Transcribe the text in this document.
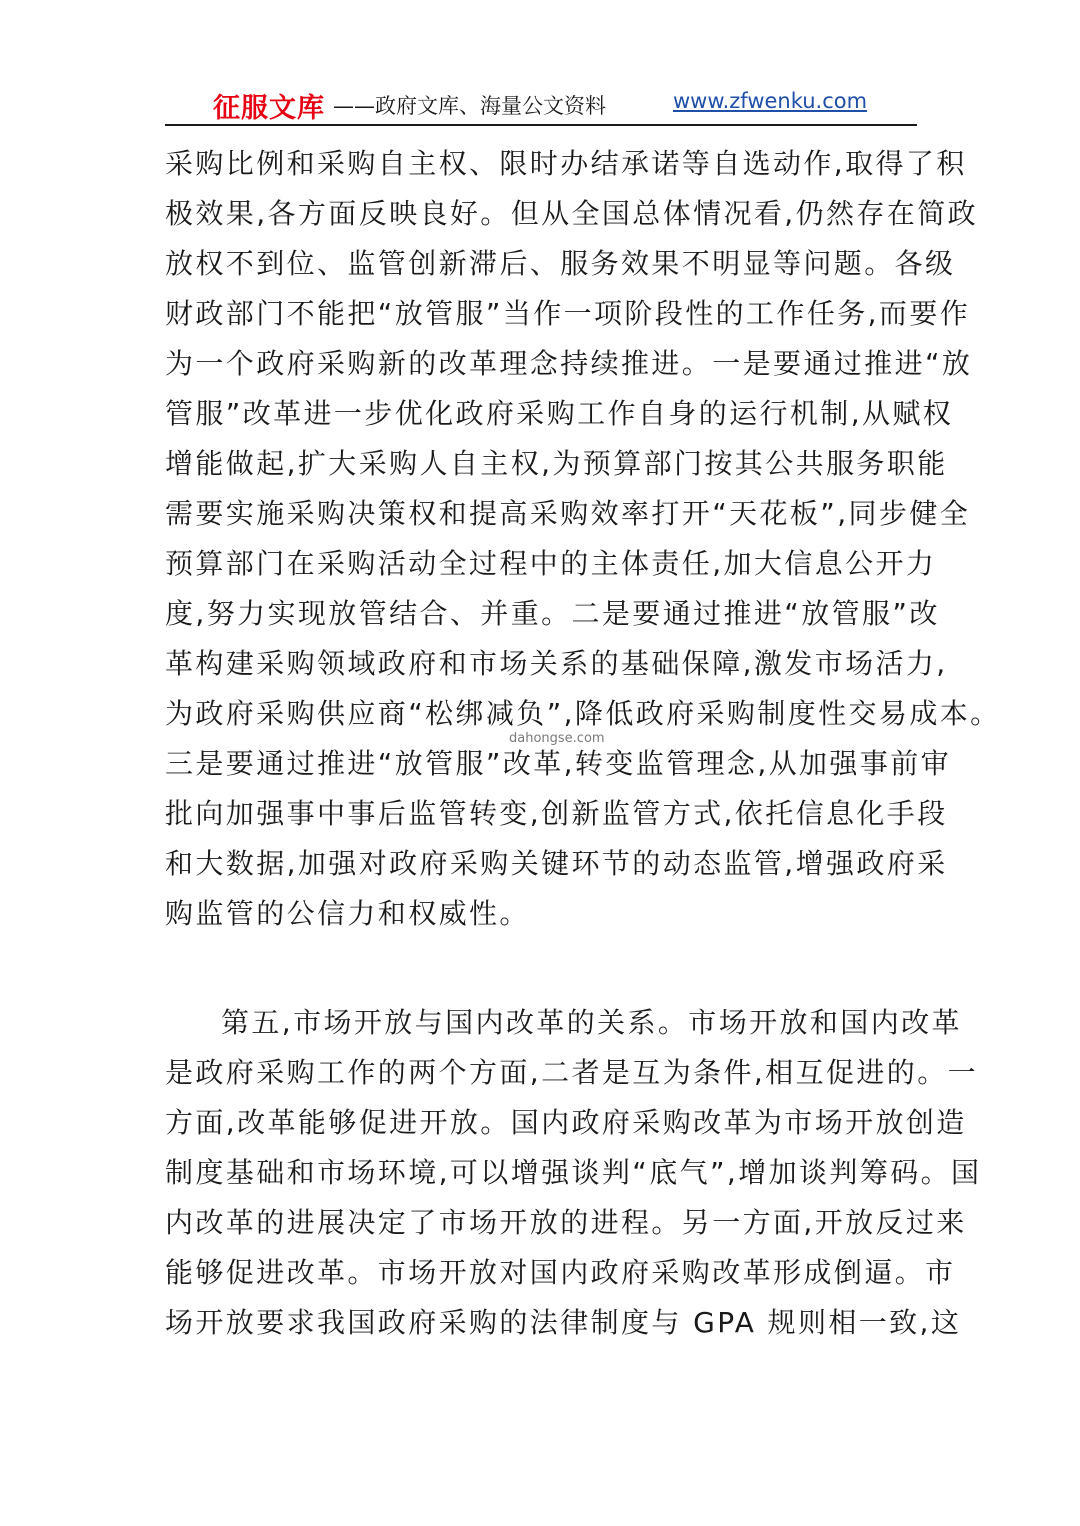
征服文库 ——政府文库、海量公文资料	www.zfwenku.com
采购比例和采购自主权、限时办结承诺等自选动作,取得了积
极效果,各方面反映良好。但从全国总体情况看,仍然存在简政
放权不到位、监管创新滞后、服务效果不明显等问题。各级
财政部门不能把“放管服”当作一项阶段性的工作任务,而要作
为一个政府采购新的改革理念持续推进。一是要通过推进“放
管服”改革进一步优化政府采购工作自身的运行机制,从赋权
增能做起,扩大采购人自主权,为预算部门按其公共服务职能
需要实施采购决策权和提高采购效率打开“天花板”,同步健全
预算部门在采购活动全过程中的主体责任,加大信息公开力
度,努力实现放管结合、并重。二是要通过推进“放管服”改
革构建采购领域政府和市场关系的基础保障,激发市场活力,
为政府采购供应商“松绑减负”,降低政府采购制度性交易成本。
三是要通过推进“放管服”改革,转变监管理念,从加强事前审
批向加强事中事后监管转变,创新监管方式,依托信息化手段
和大数据,加强对政府采购关键环节的动态监管,增强政府采
购监管的公信力和权威性。
第五,市场开放与国内改革的关系。市场开放和国内改革
是政府采购工作的两个方面,二者是互为条件,相互促进的。一
方面,改革能够促进开放。国内政府采购改革为市场开放创造
制度基础和市场环境,可以增强谈判“底气”,增加谈判筹码。国
内改革的进展决定了市场开放的进程。另一方面,开放反过来
能够促进改革。市场开放对国内政府采购改革形成倒逼。市
场开放要求我国政府采购的法律制度与 GPA 规则相一致,这
dahongse.com
